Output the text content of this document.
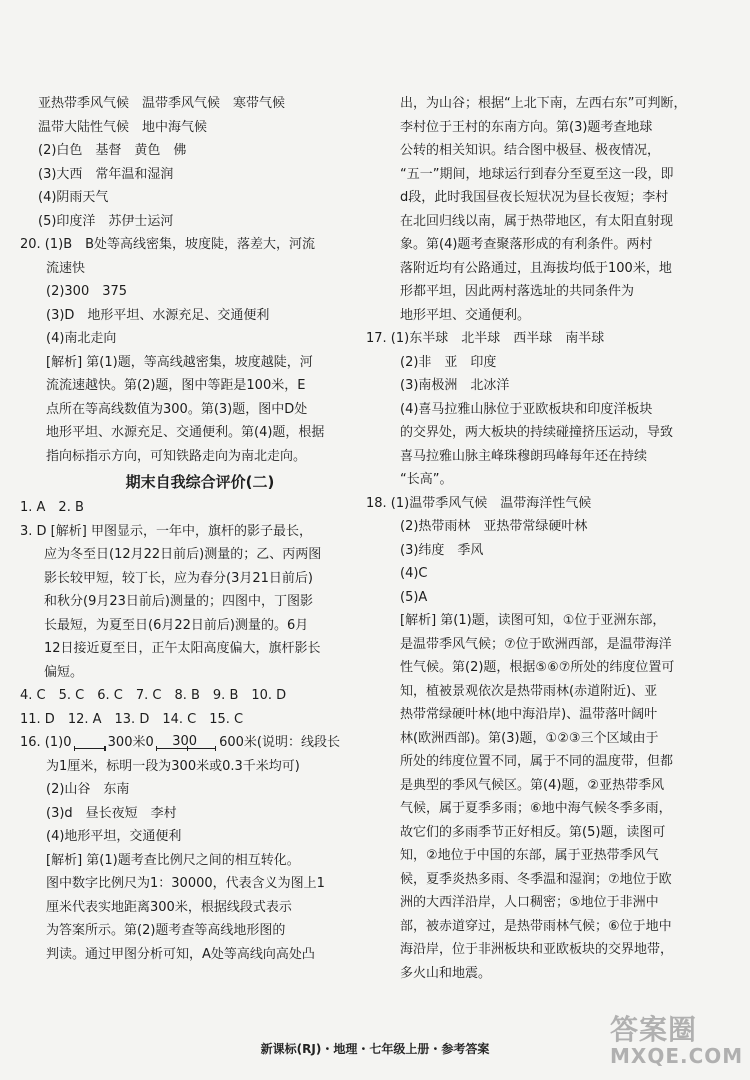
亚热带季风气候　温带季风气候　寒带气候
温带大陆性气候　地中海气候
(2)白色　基督　黄色　佛
(3)大西　常年温和湿润
(4)阴雨天气
(5)印度洋　苏伊士运河
20. (1)B　B处等高线密集，坡度陡，落差大，河流
流速快
(2)300　375
(3)D　地形平坦、水源充足、交通便利
(4)南北走向
[解析] 第(1)题，等高线越密集，坡度越陡，河
流流速越快。第(2)题，图中等距是100米，E
点所在等高线数值为300。第(3)题，图中D处
地形平坦、水源充足、交通便利。第(4)题，根据
指向标指示方向，可知铁路走向为南北走向。
期末自我综合评价(二)
1. A　2. B
3. D [解析] 甲图显示，一年中，旗杆的影子最长，
应为冬至日(12月22日前后)测量的；乙、丙两图
影长较甲短，较丁长，应为春分(3月21日前后)
和秋分(9月23日前后)测量的；四图中，丁图影
长最短，为夏至日(6月22日前后)测量的。6月
12日接近夏至日，正午太阳高度偏大，旗杆影长
偏短。
4. C　5. C　6. C　7. C　8. B　9. B　10. D
11. D　12. A　13. D　14. C　15. C
16. (1) 0	300米 0 300 600米 (说明：线段长
为1厘米，标明一段为300米或0.3千米均可)
(2)山谷　东南
(3)d　昼长夜短　李村
(4)地形平坦，交通便利
[解析] 第(1)题考查比例尺之间的相互转化。
图中数字比例尺为1：30000，代表含义为图上1
厘米代表实地距离300米，根据线段式表示
为答案所示。第(2)题考查等高线地形图的
判读。通过甲图分析可知，A处等高线向高处凸
出，为山谷；根据“上北下南，左西右东”可判断，
李村位于王村的东南方向。第(3)题考查地球
公转的相关知识。结合图中极昼、极夜情况，
“五一”期间，地球运行到春分至夏至这一段，即
d段，此时我国昼夜长短状况为昼长夜短；李村
在北回归线以南，属于热带地区，有太阳直射现
象。第(4)题考查聚落形成的有利条件。两村
落附近均有公路通过，且海拔均低于100米，地
形都平坦，因此两村落选址的共同条件为
地形平坦、交通便利。
17. (1)东半球　北半球　西半球　南半球
(2)非　亚　印度
(3)南极洲　北冰洋
(4)喜马拉雅山脉位于亚欧板块和印度洋板块
的交界处，两大板块的持续碰撞挤压运动，导致
喜马拉雅山脉主峰珠穆朗玛峰每年还在持续
“长高”。
18. (1)温带季风气候　温带海洋性气候
(2)热带雨林　亚热带常绿硬叶林
(3)纬度　季风
(4)C
(5)A
[解析] 第(1)题，读图可知，①位于亚洲东部，
是温带季风气候；⑦位于欧洲西部，是温带海洋
性气候。第(2)题，根据⑤⑥⑦所处的纬度位置可
知，植被景观依次是热带雨林(赤道附近)、亚
热带常绿硬叶林(地中海沿岸)、温带落叶阔叶
林(欧洲西部)。第(3)题，①②③三个区域由于
所处的纬度位置不同，属于不同的温度带，但都
是典型的季风气候区。第(4)题，②亚热带季风
气候，属于夏季多雨；⑥地中海气候冬季多雨，
故它们的多雨季节正好相反。第(5)题，读图可
知，②地位于中国的东部，属于亚热带季风气
候，夏季炎热多雨、冬季温和湿润；⑦地位于欧
洲的大西洋沿岸，人口稠密；⑤地位于非洲中
部，被赤道穿过，是热带雨林气候；⑥位于地中
海沿岸，位于非洲板块和亚欧板块的交界地带，
多火山和地震。
新课标(RJ)・地理・七年级上册・参考答案
答案圈
MXQE.COM
